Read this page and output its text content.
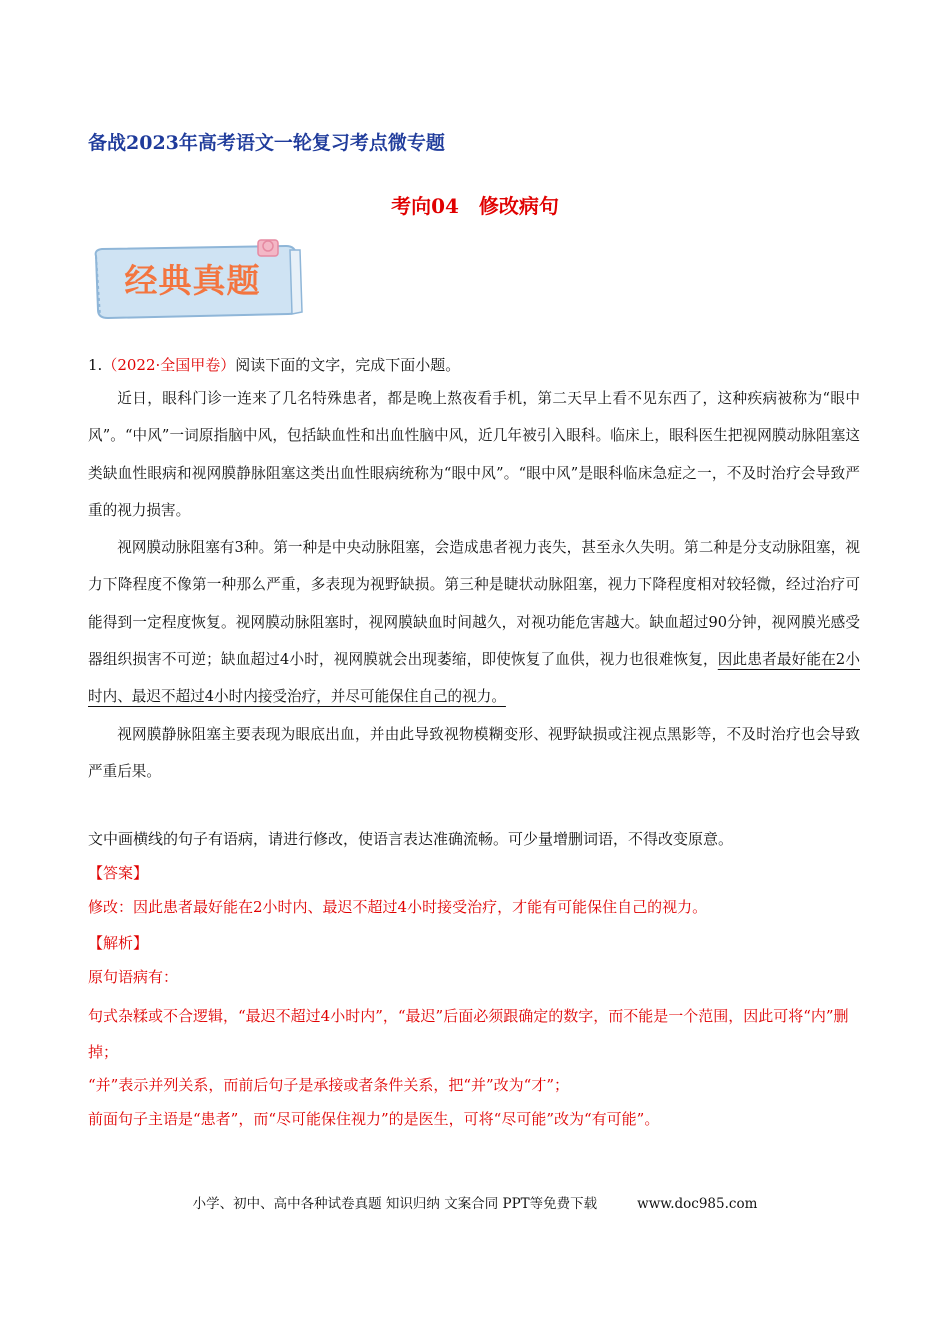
备战2023年高考语文一轮复习考点微专题
考向04　修改病句
经典真题
1.（2022·全国甲卷）阅读下面的文字，完成下面小题。

近日，眼科门诊一连来了几名特殊患者，都是晚上熬夜看手机，第二天早上看不见东西了，这种疾病被称为“眼中风”。“中风”一词原指脑中风，包括缺血性和出血性脑中风，近几年被引入眼科。临床上，眼科医生把视网膜动脉阻塞这类缺血性眼病和视网膜静脉阻塞这类出血性眼病统称为“眼中风”。“眼中风”是眼科临床急症之一，不及时治疗会导致严重的视力损害。

视网膜动脉阻塞有3种。第一种是中央动脉阻塞，会造成患者视力丧失，甚至永久失明。第二种是分支动脉阻塞，视力下降程度不像第一种那么严重，多表现为视野缺损。第三种是睫状动脉阻塞，视力下降程度相对较轻微，经过治疗可能得到一定程度恢复。视网膜动脉阻塞时，视网膜缺血时间越久，对视功能危害越大。缺血超过90分钟，视网膜光感受器组织损害不可逆；缺血超过4小时，视网膜就会出现萎缩，即使恢复了血供，视力也很难恢复，因此患者最好能在2小时内、最迟不超过4小时内接受治疗，并尽可能保住自己的视力。

视网膜静脉阻塞主要表现为眼底出血，并由此导致视物模糊变形、视野缺损或注视点黑影等，不及时治疗也会导致严重后果。

文中画横线的句子有语病，请进行修改，使语言表达准确流畅。可少量增删词语，不得改变原意。
【答案】
修改：因此患者最好能在2小时内、最迟不超过4小时接受治疗，才能有可能保住自己的视力。
【解析】
原句语病有：
句式杂糅或不合逻辑，“最迟不超过4小时内”，“最迟”后面必须跟确定的数字，而不能是一个范围，因此可将“内”删掉；
“并”表示并列关系，而前后句子是承接或者条件关系，把“并”改为“才”；
前面句子主语是“患者”，而“尽可能保住视力”的是医生，可将“尽可能”改为“有可能”。
小学、初中、高中各种试卷真题 知识归纳 文案合同 PPT等免费下载	www.doc985.com
